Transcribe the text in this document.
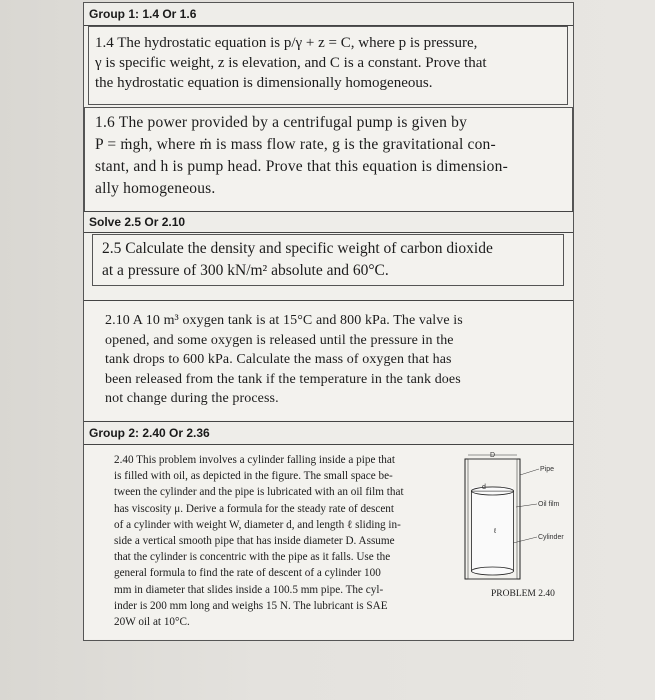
Group 1: 1.4 Or 1.6
1.4 The hydrostatic equation is p/γ + z = C, where p is pressure,
γ is specific weight, z is elevation, and C is a constant. Prove that
the hydrostatic equation is dimensionally homogeneous.
1.6 The power provided by a centrifugal pump is given by
P = ṁgh, where ṁ is mass flow rate, g is the gravitational con-
stant, and h is pump head. Prove that this equation is dimension-
ally homogeneous.
Solve 2.5 Or 2.10
2.5 Calculate the density and specific weight of carbon dioxide
at a pressure of 300 kN/m² absolute and 60°C.
2.10 A 10 m³ oxygen tank is at 15°C and 800 kPa. The valve is
opened, and some oxygen is released until the pressure in the
tank drops to 600 kPa. Calculate the mass of oxygen that has
been released from the tank if the temperature in the tank does
not change during the process.
Group 2: 2.40 Or 2.36
2.40 This problem involves a cylinder falling inside a pipe that
is filled with oil, as depicted in the figure. The small space be-
tween the cylinder and the pipe is lubricated with an oil film that
has viscosity μ. Derive a formula for the steady rate of descent
of a cylinder with weight W, diameter d, and length ℓ sliding in-
side a vertical smooth pipe that has inside diameter D. Assume
that the cylinder is concentric with the pipe as it falls. Use the
general formula to find the rate of descent of a cylinder 100
mm in diameter that slides inside a 100.5 mm pipe. The cyl-
inder is 200 mm long and weighs 15 N. The lubricant is SAE
20W oil at 10°C.
D
d
ℓ
Pipe
Oil film
Cylinder
PROBLEM 2.40
